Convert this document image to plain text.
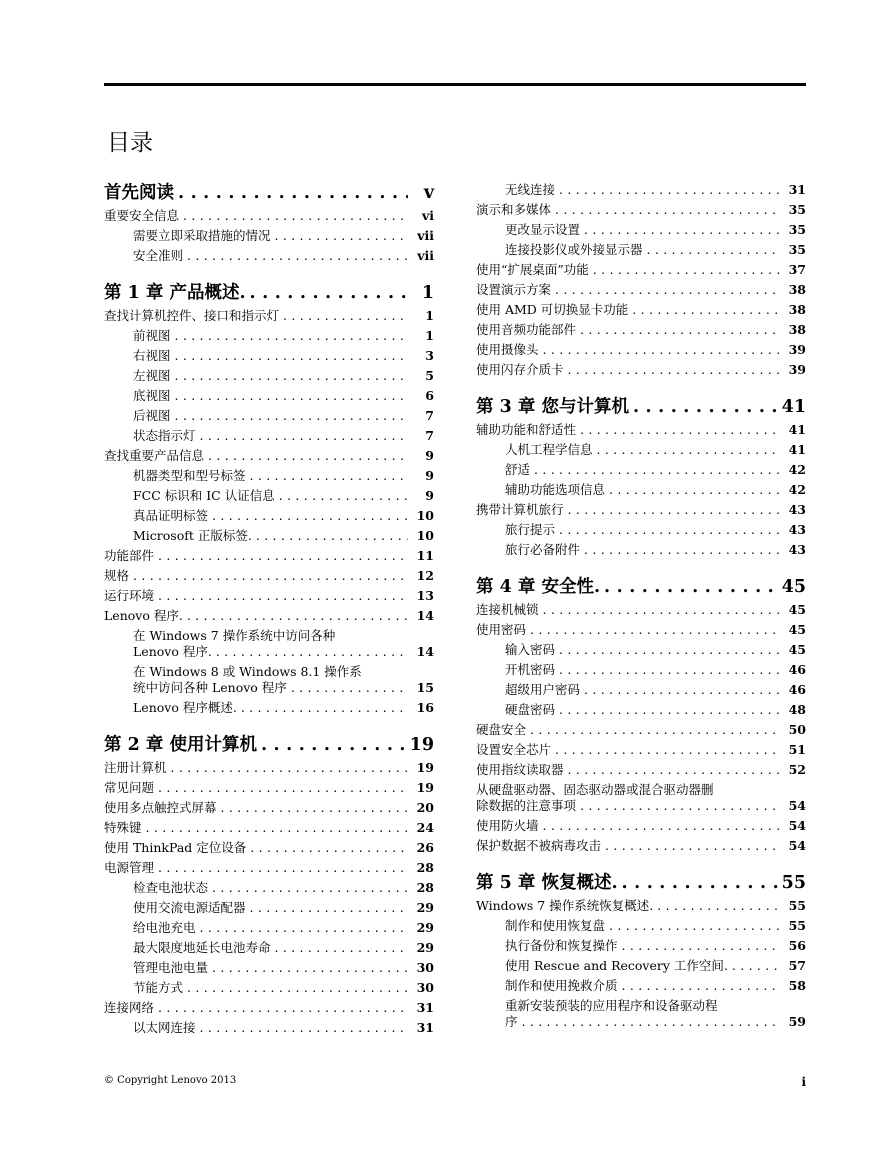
目录
首先阅读 . . .	v
重要安全信息 . . .	vi
需要立即采取措施的情况 . . .	vii
安全准则 . . .	vii
第 1 章 产品概述. . . .	1
查找计算机控件、接口和指示灯 . . .	1
前视图 . . .	1
右视图 . . .	3
左视图 . . .	5
底视图 . . .	6
后视图 . . .	7
状态指示灯 . . .	7
查找重要产品信息 . . .	9
机器类型和型号标签 . . .	9
FCC 标识和 IC 认证信息 . . .	9
真品证明标签 . . .	10
Microsoft 正版标签. . . .	10
功能部件 . . .	11
规格 . . .	12
运行环境 . . .	13
Lenovo 程序. . . .	14
在 Windows 7 操作系统中访问各种
Lenovo 程序. . . .	14
在 Windows 8 或 Windows 8.1 操作系
统中访问各种 Lenovo 程序 . . .	15
Lenovo 程序概述. . . .	16
第 2 章 使用计算机 . . .	19
注册计算机 . . .	19
常见问题 . . .	19
使用多点触控式屏幕 . . .	20
特殊键 . . .	24
使用 ThinkPad 定位设备 . . .	26
电源管理 . . .	28
检查电池状态 . . .	28
使用交流电源适配器 . . .	29
给电池充电 . . .	29
最大限度地延长电池寿命 . . .	29
管理电池电量 . . .	30
节能方式 . . .	30
连接网络 . . .	31
以太网连接 . . .	31
无线连接 . . .	31
演示和多媒体 . . .	35
更改显示设置 . . .	35
连接投影仪或外接显示器 . . .	35
使用“扩展桌面”功能 . . .	37
设置演示方案 . . .	38
使用 AMD 可切换显卡功能 . . .	38
使用音频功能部件 . . .	38
使用摄像头 . . .	39
使用闪存介质卡 . . .	39
第 3 章 您与计算机 . . .	41
辅助功能和舒适性 . . .	41
人机工程学信息 . . .	41
舒适 . . .	42
辅助功能选项信息 . . .	42
携带计算机旅行 . . .	43
旅行提示 . . .	43
旅行必备附件 . . .	43
第 4 章 安全性. . . .	45
连接机械锁 . . .	45
使用密码 . . .	45
输入密码 . . .	45
开机密码 . . .	46
超级用户密码 . . .	46
硬盘密码 . . .	48
硬盘安全 . . .	50
设置安全芯片 . . .	51
使用指纹读取器 . . .	52
从硬盘驱动器、固态驱动器或混合驱动器删
除数据的注意事项 . . .	54
使用防火墙 . . .	54
保护数据不被病毒攻击 . . .	54
第 5 章 恢复概述. . . .	55
Windows 7 操作系统恢复概述. . . .	55
制作和使用恢复盘 . . .	55
执行备份和恢复操作 . . .	56
使用 Rescue and Recovery 工作空间. . . .	57
制作和使用挽救介质 . . .	58
重新安装预装的应用程序和设备驱动程
序 . . .	59
© Copyright Lenovo 2013	i
